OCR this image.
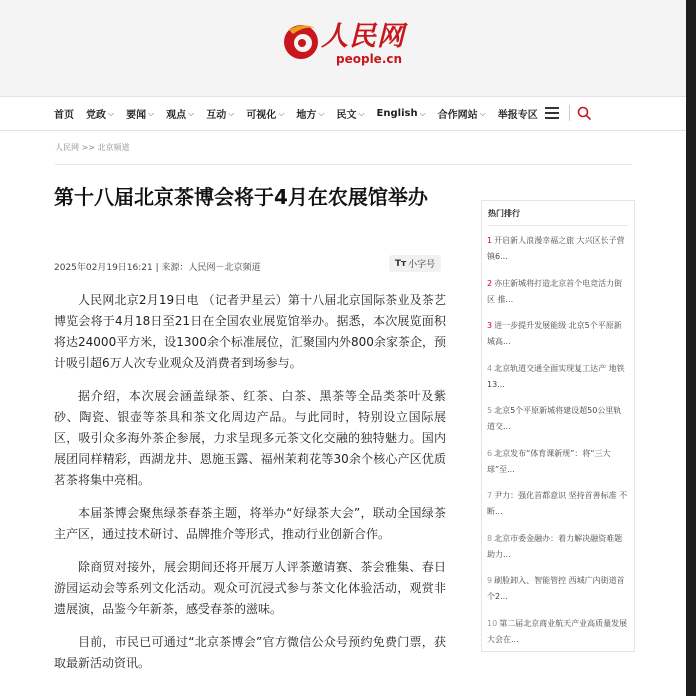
人民网
people.cn
首页 党政 ⌵ 要闻 ⌵ 观点 ⌵ 互动 ⌵ 可视化 ⌵ 地方 ⌵ 民文 ⌵ English ⌵ 合作网站 ⌵ 举报专区
人民网 >> 北京频道
第十八届北京茶博会将于4月在农展馆举办
2025年02月19日16:21 | 来源：人民网－北京频道	Tт 小字号

人民网北京2月19日电 （记者尹星云）第十八届北京国际茶业及茶艺博览会将于4月18日至21日在全国农业展览馆举办。据悉，本次展览面积将达24000平方米，设1300余个标准展位，汇聚国内外800余家茶企，预计吸引超6万人次专业观众及消费者到场参与。

据介绍，本次展会涵盖绿茶、红茶、白茶、黑茶等全品类茶叶及紫砂、陶瓷、银壶等茶具和茶文化周边产品。与此同时，特别设立国际展区，吸引众多海外茶企参展，力求呈现多元茶文化交融的独特魅力。国内展团同样精彩，西湖龙井、恩施玉露、福州茉莉花等30余个核心产区优质茗茶将集中亮相。

本届茶博会聚焦绿茶春茶主题，将举办“好绿茶大会”，联动全国绿茶主产区，通过技术研讨、品牌推介等形式，推动行业创新合作。

除商贸对接外，展会期间还将开展万人评茶邀请赛、茶会雅集、春日游园运动会等系列文化活动。观众可沉浸式参与茶文化体验活动，观赏非遗展演，品鉴今年新茶，感受春茶的滋味。

目前，市民已可通过“北京茶博会”官方微信公众号预约免费门票，获取最新活动资讯。

热门排行
1 开启新人浪漫幸福之旅 大兴区长子营镇6...
2 亦庄新城将打造北京首个电竞活力街区 推...
3 进一步提升发展能级 北京5个平原新城高...
4 北京轨道交通全面实现复工达产 地铁13...
5 北京5个平原新城将建设超50公里轨道交...
6 北京发布“体育课新规”：将“三大球”至...
7 尹力：强化首都意识 坚持首善标准 不断...
8 北京市委金融办：着力解决融资难题 助力...
9 刷脸卸入、智能管控 西城广内街道首个2...
10 第二届北京商业航天产业高质量发展大会在...
